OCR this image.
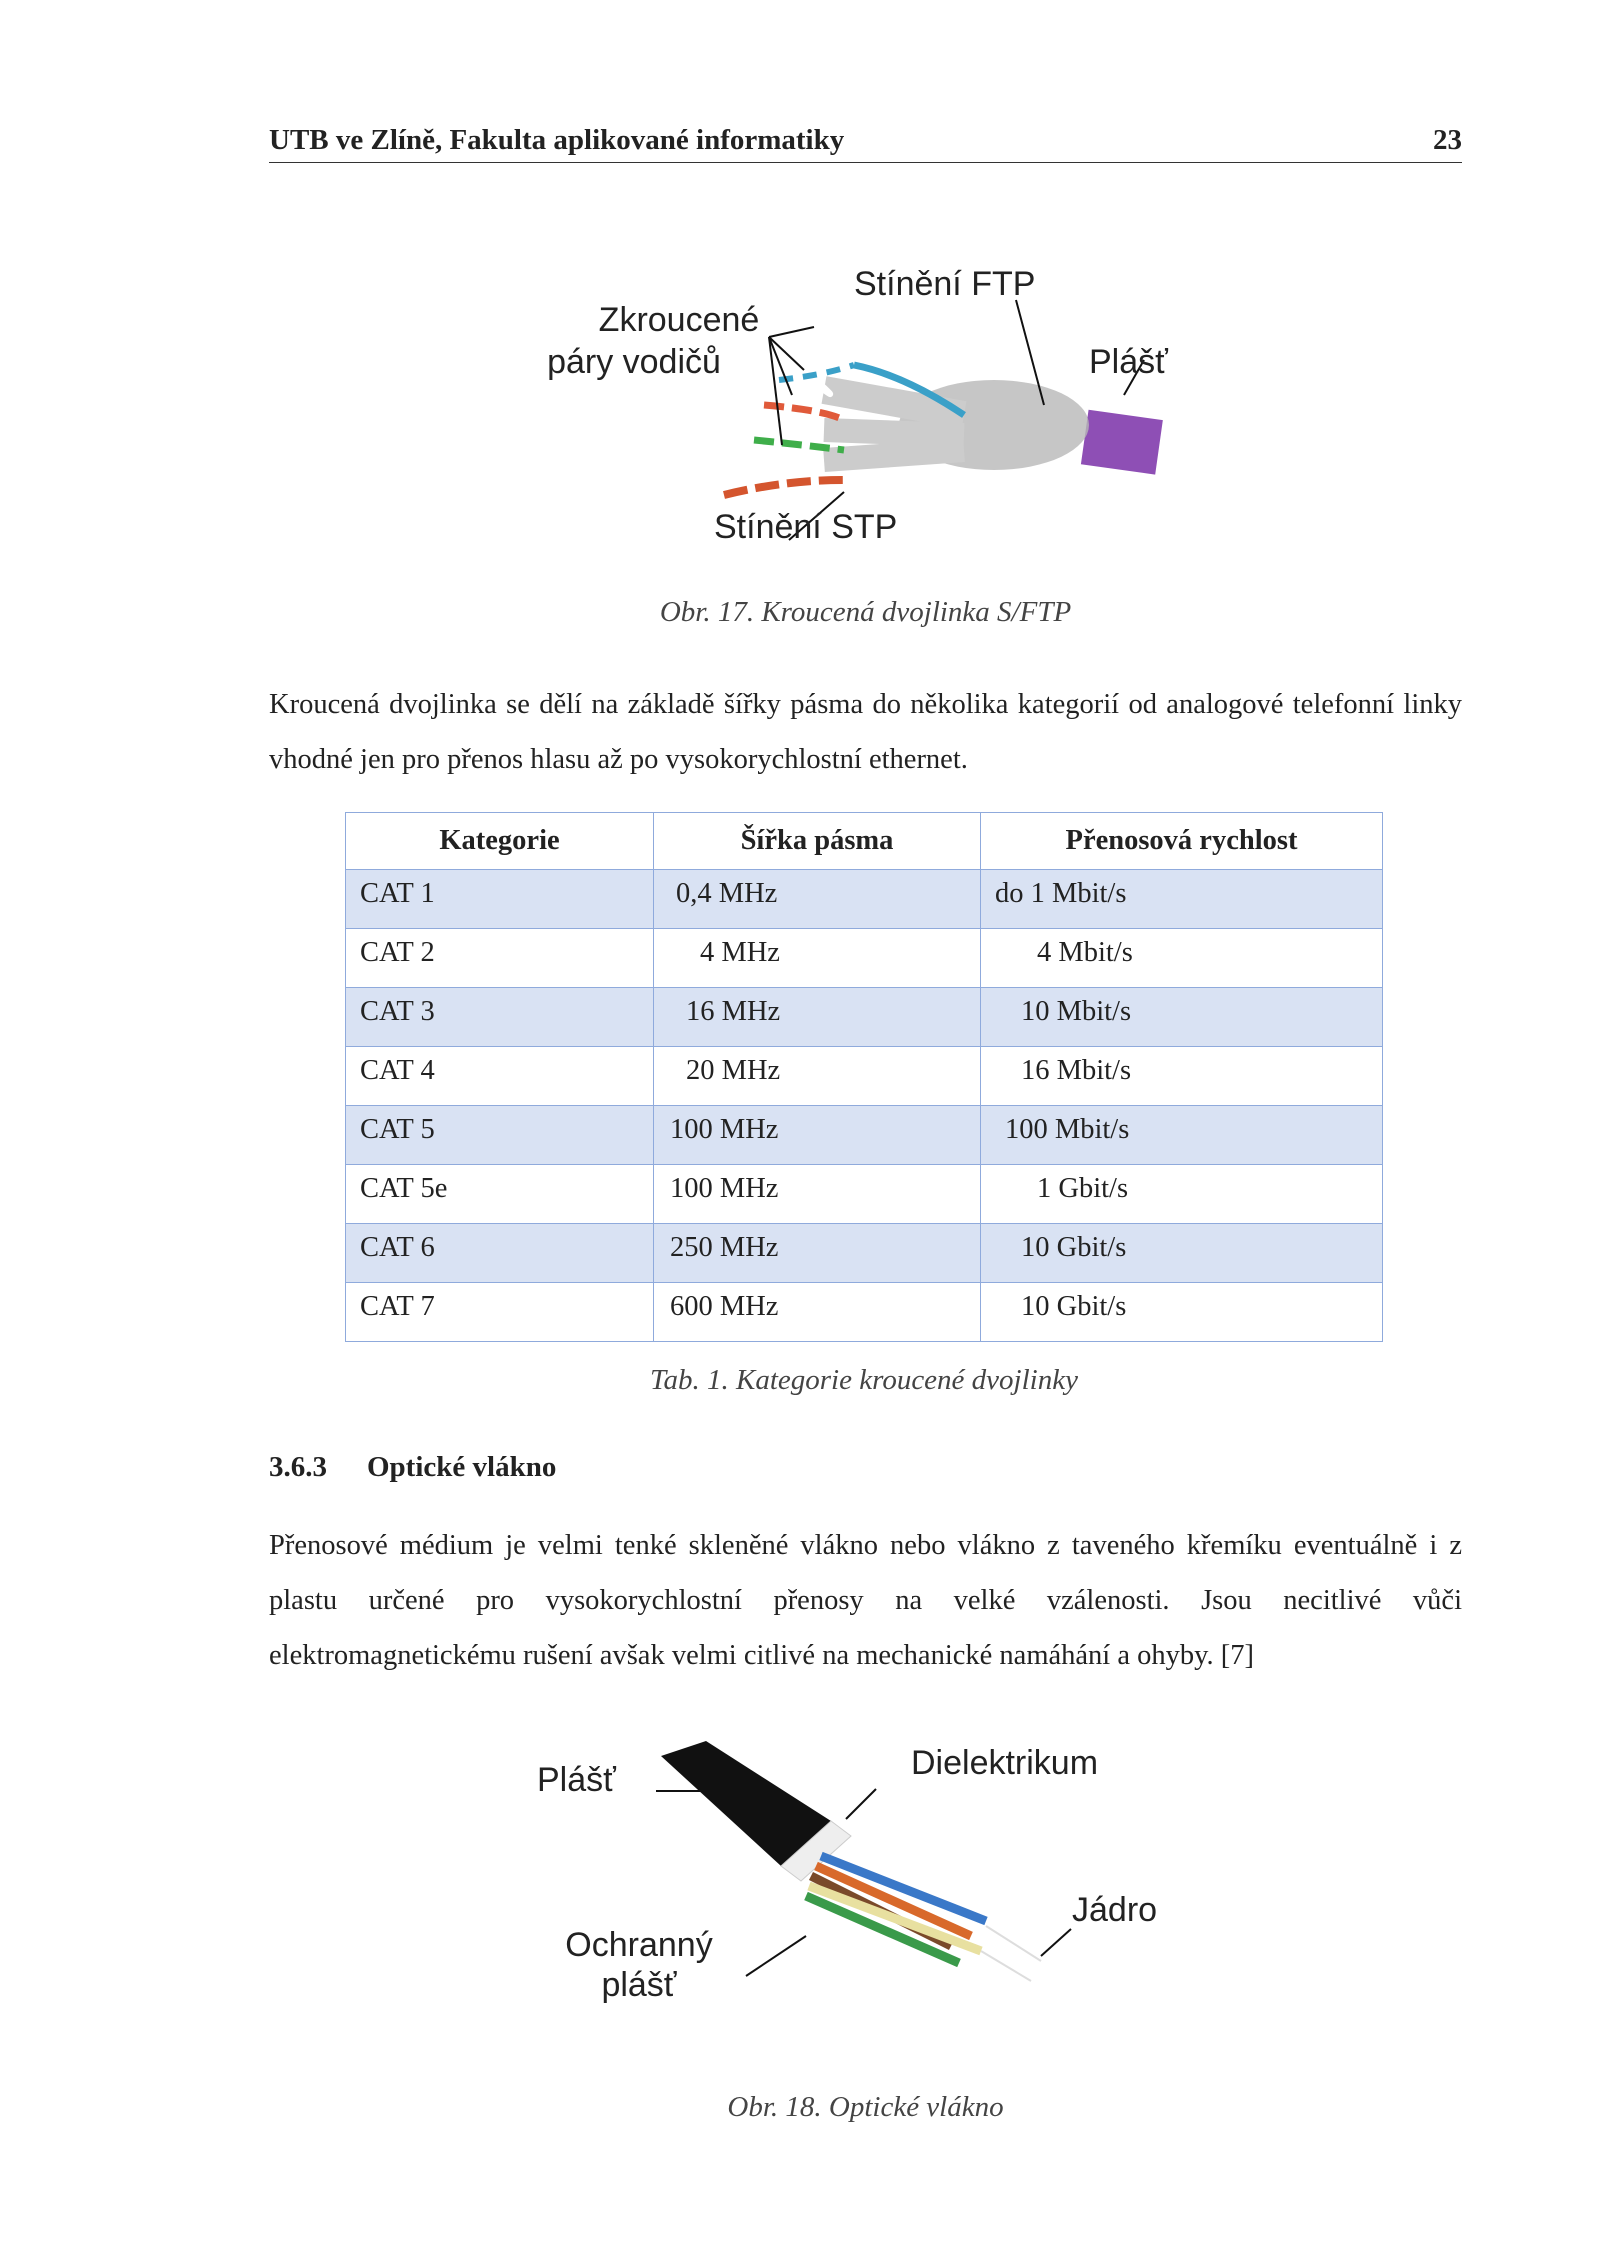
UTB ve Zlíně, Fakulta aplikované informatiky	23
Zkroucené
páry vodičů
Stínění FTP
Plášť
Stínění STP
Obr. 17. Kroucená dvojlinka S/FTP

Kroucená dvojlinka se dělí na základě šířky pásma do několika kategorií od analogové telefonní linky vhodné jen pro přenos hlasu až po vysokorychlostní ethernet.

Kategorie	Šířka pásma	Přenosová rychlost
CAT 1	0,4 MHz	do 1 Mbit/s
CAT 2	4 MHz	4 Mbit/s
CAT 3	16 MHz	10 Mbit/s
CAT 4	20 MHz	16 Mbit/s
CAT 5	100 MHz	100 Mbit/s
CAT 5e	100 MHz	1 Gbit/s
CAT 6	250 MHz	10 Gbit/s
CAT 7	600 MHz	10 Gbit/s
Tab. 1. Kategorie kroucené dvojlinky
3.6.3 Optické vlákno

Přenosové médium je velmi tenké skleněné vlákno nebo vlákno z taveného křemíku eventuálně i z plastu určené pro vysokorychlostní přenosy na velké vzálenosti. Jsou necitlivé vůči elektromagnetickému rušení avšak velmi citlivé na mechanické namáhání a ohyby. [7]

Plášť	Dielektrikum
Jádro
Ochranný
plášť
Obr. 18. Optické vlákno
